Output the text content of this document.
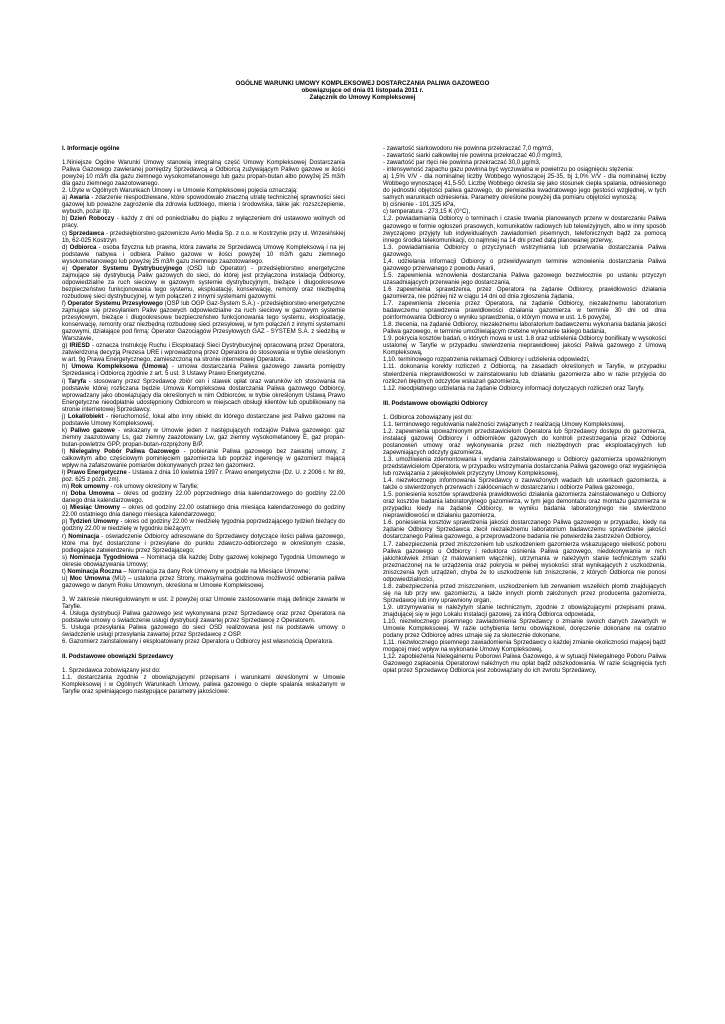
OGÓLNE WARUNKI UMOWY KOMPLEKSOWEJ DOSTARCZANIA PALIWA GAZOWEGO
obowiązujące od dnia 01 listopada 2011 r.
Załącznik do Umowy Kompleksowej
I. Informacje ogólne

1.Niniejsze Ogólne Warunki Umowy stanowią integralną część Umowy Kompleksowej Dostarczania Paliwa Gazowego zawieranej pomiędzy Sprzedawcą a Odbiorcą zużywającym Paliwo gazowe w ilości powyżej 10 m3/h dla gazu ziemnego wysokometanowego lub gazu propan-butan albo powyżej 25 m3/h dla gazu ziemnego zaazotowanego.

2. Użyte w Ogólnych Warunkach Umowy i w Umowie Kompleksowej pojęcia oznaczają:

a) Awaria - zdarzenie niespodziewane, które spowodowało znaczną utratę technicznej sprawności sieci gazowej lub poważne zagrożenie dla zdrowia ludzkiego, mienia i środowiska, takie jak: rozszczepienie, wybuch, pożar itp.

b) Dzień Roboczy - każdy z dni od poniedziałku do piątku z wyłączeniem dni ustawowo wolnych od pracy.

c) Sprzedawca - przedsiębiorstwo gazownicze Avrio Media Sp. z o.o. w Kostrzynie przy ul. Wrzesińskiej 1b, 62-025 Kostrzyn

d) Odbiorca - osoba fizyczna lub prawna, która zawarła ze Sprzedawcą Umowę Kompleksową i na jej podstawie nabywa i odbiera Paliwo gazowe w ilości powyżej 10 m3/h gazu ziemnego wysokometanowego lub powyżej 25 m3/h gazu ziemnego zaazotowanego.

e) Operator Systemu Dystrybucyjnego (OSD lub Operator) - przedsiębiorstwo energetyczne zajmujące się dystrybucją Paliw gazowych do sieci, do której jest przyłączona instalacja Odbiorcy, odpowiedzialne za ruch sieciowy w gazowym systemie dystrybucyjnym, bieżące i długookresowe bezpieczeństwo funkcjonowania tego systemu, eksploatację, konserwację, remonty oraz niezbędną rozbudowę sieci dystrybucyjnej, w tym połączeń z innymi systemami gazowymi.

f) Operator Systemu Przesyłowego (OSP lub OGP Gaz-System S.A.) - przedsiębiorstwo energetyczne zajmujące się przesyłaniem Paliw gazowych odpowiedzialne za ruch sieciowy w gazowym systemie przesyłowym, bieżące i długookresowe bezpieczeństwo funkcjonowania tego systemu, eksploatację, konserwację, remonty oraz niezbędną rozbudowę sieci przesyłowej, w tym połączeń z innymi systemami gazowymi, działające pod firmą: Operator Gazociągów Przesyłowych GAZ - SYSTEM S.A. z siedzibą w Warszawie,

g) IRiESD - oznacza Instrukcję Ruchu i Eksploatacji Sieci Dystrybucyjnej opracowaną przez Operatora, zatwierdzoną decyzją Prezesa URE i wprowadzoną przez Operatora do stosowania w trybie określonym w art. 9g Prawa Energetycznego, zamieszczoną na stronie internetowej Operatora.

h) Umowa Kompleksowa (Umowa) - umowa dostarczania Paliwa gazowego zawarta pomiędzy Sprzedawcą i Odbiorcą zgodnie z art. 5 ust. 3 Ustawy Prawo Energetyczne.

i) Taryfa - stosowany przez Sprzedawcę zbiór cen i stawek opłat oraz warunków ich stosowania na podstawie której rozliczana będzie Umowa Kompleksowa dostarczania Paliwa gazowego Odbiorcy, wprowadzany jako obowiązujący dla określonych w nim Odbiorców, w trybie określonym Ustawą Prawo Energetyczne nieodpłatnie udostępniony Odbiorcom w miejscach obsługi klientów lub opublikowany na stronie internetowej Sprzedawcy.

j) Lokal/obiekt - nieruchomość, lokal albo inny obiekt do którego dostarczane jest Paliwo gazowe na podstawie Umowy Kompleksowej.

k) Paliwo gazowe - wskazany w Umowie jeden z następujących rodzajów Paliwa gazowego: gaz ziemny zaazotowany Ls, gaz ziemny zaazotowany Lw, gaz ziemny wysokometanowy E, gaz propan-butan-powietrze GPP, propan-butan-rozprężony B/P.

l) Nielegalny Pobór Paliwa Gazowego - pobieranie Paliwa gazowego bez zawartej umowy, z całkowitym albo częściowym pominięciem gazomierza lub poprzez ingerencję w gazomierz mającą wpływ na zafałszowanie pomiarów dokonywanych przez ten gazomierz.

ł) Prawo Energetyczne - Ustawa z dnia 10 kwietnia 1997 r. Prawo energetyczne (Dz. U. z 2006 r. Nr 89, poz. 625 z późn. zm).

m) Rok umowny - rok umowy określony w Taryfie;

n) Doba Umowna – okres od godziny 22.00 poprzedniego dnia kalendarzowego do godziny 22.00 danego dnia kalendarzowego.

o) Miesiąc Umowny – okres od godziny 22.00 ostatniego dnia miesiąca kalendarzowego do godziny 22.00 ostatniego dnia danego miesiąca kalendarzowego;

p) Tydzień Umowny - okres od godziny 22.00 w niedzielę tygodnia poprzedzającego tydzień bieżący do godziny 22.00 w niedzielę w tygodniu bieżącym;

r) Nominacja - oświadczenie Odbiorcy adresowane do Sprzedawcy dotyczące ilości paliwa gazowego, które ma być dostarczone i przesyłane do punktu zdawczo-odbiorczego w określonym czasie, podlegające zatwierdzeniu przez Sprzedającego;

s) Nominacja Tygodniowa – Nominacja dla każdej Doby gazowej kolejnego Tygodnia Umownego w okresie obowiązywania Umowy;

t) Nominacja Roczna – Nominacja za dany Rok Umowny w podziale na Miesiące Umowne;

u) Moc Umowna (MU) – ustalona przez Strony, maksymalna godzinowa możliwość odbierania paliwa gazowego w danym Roku Umownym, określona w Umowie Kompleksowej.

3. W zakresie nieuregulowanym w ust. 2 powyżej oraz Umowie zastosowanie mają definicje zawarte w Taryfie.

4. Usługa dystrybucji Paliwa gazowego jest wykonywana przez Sprzedawcę oraz przez Operatora na podstawie umowy o świadczenie usługi dystrybucji zawartej przez Sprzedawcę z Operatorem.

5. Usługa przesyłania Paliwa gazowego do sieci OSD realizowana jest na podstawie umowy o świadczenie usługi przesyłania zawartej przez Sprzedawcę z OSP.

6. Gazomierz zainstalowany i eksploatowany przez Operatora u Odbiorcy jest własnością Operatora.

II. Podstawowe obowiązki Sprzedawcy

1. Sprzedawca zobowiązany jest do:

1.1. dostarczania zgodnie z obowiązującymi przepisami i warunkami określonymi w Umowie Kompleksowej i w Ogólnych Warunkach Umowy, paliwa gazowego o cieple spalania wskazanym w Taryfie oraz spełniającego następujące parametry jakościowe:

- zawartość siarkowodoru nie powinna przekraczać 7,0 mg/m3,

- zawartość siarki całkowitej nie powinna przekraczać 40,0 mg/m3,

- zawartość par rtęci nie powinna przekraczać 30,0 μg/m3,

- intensywność zapachu gazu powinna być wyczuwalna w powietrzu po osiągnięciu stężenia:

a) 1,5% V/V - dla nominalnej liczby Wobbego wynoszącej 25-35, bj 1,0% V/V - dla nominalnej liczby Wobbego wynoszącej 41,5-50. Liczbę Wobbego określa się jako stosunek ciepła spalania, odniesionego do jednostki objętości paliwa gazowego, do pierwiastka kwadratowego jego gęstości względnej, w tych samych warunkach odniesienia. Parametry określone powyżej dla pomiaru objętości wynoszą:

b) ciśnienie - 101,325 kPa,

c) temperatura - 273,15 K (0°C),

1,2. powiadamiania Odbiorcy o terminach i czasie trwania planowanych przerw w dostarczaniu Paliwa gazowego w formie ogłoszeń prasowych, komunikatów radiowych lub telewizyjnych, albo w inny sposób zwyczajowo przyjęty lub indywidualnych zawiadomień pisemnych, telefonicznych bądź za pomocą innego środka telekomunikacji, co najmniej na 14 dni przed datą planowanej przerwy,

1.3. powiadamiania Odbiorcy o przyczynach wstrzymania lub przerwania dostarczania Paliwa gazowego,

1,4. udzielania informacji Odbiorcy o przewidywanym terminie wznowienia dostarczania Paliwa gazowego przerwanego z powodu Awarii,

1.5. zapewnienia wznowienia dostarczania Paliwa gazowego bezzwłocznie po ustaniu przyczyn uzasadniających przerwanie jego dostarczania,

1.6 zapewnienia sprawdzenia, przez Operatora na żądanie Odbiorcy, prawidłowości działania gazomierza, nie później niż w ciągu 14 dni od dnia zgłoszenia żądania,

1.7. zapewnienia zlecenia przez Operatora, na żądanie Odbiorcy, niezależnemu laboratorium badawczemu sprawdzenia prawidłowości działania gazomierza w terminie 30 dni od dnia poinformowania Odbiorcy o wyniku sprawdzenia, o którym mowa w ust. 1.6 powyżej,

1.8. zlecenia, na żądanie Odbiorcy, niezależnemu laboratorium badawczemu wykonania badania jakości Paliwa gazowego, w terminie umożliwiającym rzetelne wykonanie takiego badania,

1.9. pokrycia kosztów badań, o których mowa w ust. 1.8 oraz udzielenia Odbiorcy bonifikaty w wysokości ustalonej w Taryfie w przypadku stwierdzenia nieprawidłowej jakości Paliwa gazowego z Umową Kompleksową,

1,10. terminowego rozpatrzenia reklamacji Odbiorcy i udzielenia odpowiedzi,

1.11. dokonania korekty rozliczeń z Odbiorcą, na zasadach określonych w Taryfie, w przypadku stwierdzenia nieprawidłowości w zainstalowaniu lub działaniu gazomierza albo w razie przyjęcia do rozliczeń błędnych odczytów wskazań gazomierza,

1.12. nieodpłatnego udzielania na żądanie Odbiorcy informacji dotyczących rozliczeń oraz Taryfy.

III. Podstawowe obowiązki Odbiorcy

1. Odbiorca zobowiązany jest do:

1.1. terminowego regulowania należności związanych z realizacją Umowy Kompleksowej,

1.2. zapewnienia upoważnionym przedstawicielom Operatora lub Sprzedawcy dostępu do gazomierza, instalacji gazowej Odbiorcy i odbiorników gazowych do kontroli przestrzegania przez Odbiorcę postanowień umowy oraz wykonywania przez nich niezbędnych prac eksploatacyjnych lub zapewniających odczyty gazomierza,

1.3. umożliwienia zdemontowania i wydania zainstalowanego u Odbiorcy gazomierza upoważnionym przedstawicielom Operatora, w przypadku wstrzymania dostarczania Paliwa gazowego oraz wygaśnięcia lub rozwiązania z jakiejkolwiek przyczyny Umowy Kompleksowej,

1.4. niezwłocznego informowania Sprzedawcy o zauważonych wadach lub usterkach gazomierza, a także o stwierdzonych przerwach i zakłóceniach w dostarczaniu i odbiorze Paliwa gazowego,

1.5. poniesienia kosztów sprawdzenia prawidłowości działania gazomierza zainstalowanego u Odbiorcy oraz kosztów badania laboratoryjnego gazomierza, w tym jego demontażu oraz montażu gazomierza w przypadku kiedy na żądanie Odbiorcy, w wyniku badania laboratoryjnego nie stwierdzono nieprawidłowości w działaniu gazomierza,

1.6. poniesienia kosztów sprawdzenia jakości dostarczanego Paliwa gazowego w przypadku, kiedy na żądanie Odbiorcy Sprzedawca zlecił niezależnemu laboratorium badawczemu sprawdzenie jakości dostarczanego Paliwa gazowego, a przeprowadzone badania nie potwierdziła zastrzeżeń Odbiorcy,

1.7. zabezpieczenia przed zniszczeniem lub uszkodzeniem gazomierza wskazującego wielkość poboru Paliwa gazowego u Odbiorcy i reduktora ciśnienia Paliwa gazowego, niedokonywania w nich jakichkolwiek zmian (z malowaniem włącznie), utrzymania w należytym stanie technicznym szafki przeznaczonej na te urządzenia oraz pokrycia w pełnej wysokości strat wynikających z uszkodzenia, zniszczenia tych urządzeń, chyba że to uszkodzenie lub zniszczenie, z których Odbiorca nie ponosi odpowiedzialności,

1.8. zabezpieczenia przed zniszczeniem, uszkodzeniem lub zerwaniem wszelkich plomb znajdujących się na lub przy ww. gazomierzu, a także innych plomb założonych przez producenta gazomierza, Sprzedawcę lub inny uprawniony organ,

1,9. utrzymywania w należytym stanie technicznym, zgodnie z obowiązującymi przepisami prawa, znajdującej się w jego Lokalu instalacji gazowej, za którą Odbiorca odpowiada,

1.10. niezwłocznego pisemnego zawiadomienia Sprzedawcy o zmianie swoich danych zawartych w Umowie Kompleksowej. W razie uchybienia temu obowiązkowi, doręczenie dokonane na ostatnio podany przez Odbiorcę adres uznaje się za skutecznie dokonane,

1,11. niezwłocznego pisemnego zawiadomienia Sprzedawcy o każdej zmianie okoliczności mającej bądź mogącej mieć wpływ na wykonanie Umowy Kompleksowej,

1,12. zapobieżenia Nielegalnemu Poborowi Paliwa Gazowego, a w sytuacji Nielegalnego Poboru Paliwa Gazowego zapłacenia Operatorowi należnych mu opłat bądź odszkodowania. W razie ściągnięcia tych opłat przez Sprzedawcę Odbiorca jest zobowiązany do ich zwrotu Sprzedawcy,
